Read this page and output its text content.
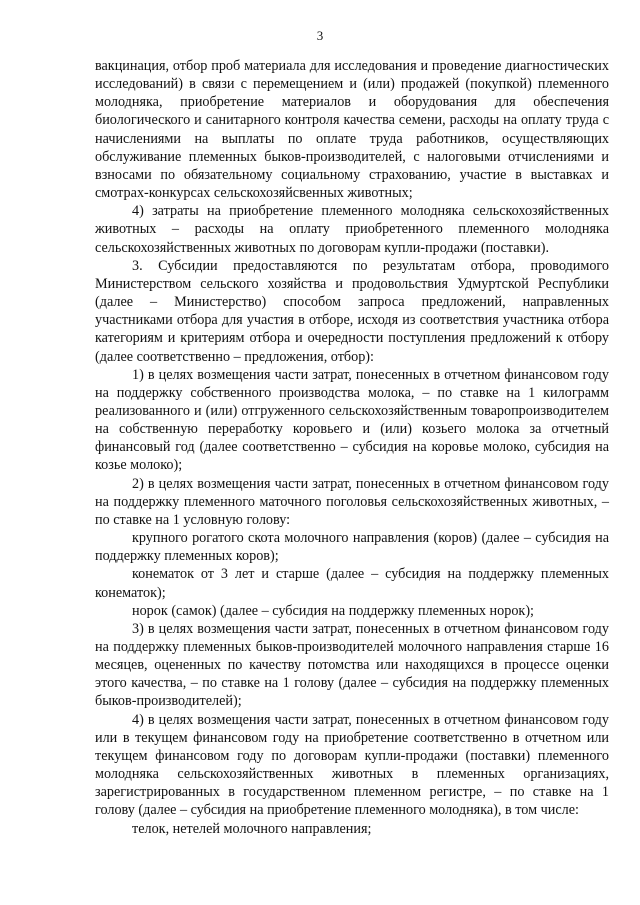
3

вакцинация, отбор проб материала для исследования и проведение диагностических исследований) в связи с перемещением и (или) продажей (покупкой) племенного молодняка, приобретение материалов и оборудования для обеспечения биологического и санитарного контроля качества семени, расходы на оплату труда с начислениями на выплаты по оплате труда работников, осуществляющих обслуживание племенных быков-производителей, с налоговыми отчислениями и взносами по обязательному социальному страхованию, участие в выставках и смотрах-конкурсах сельскохозяйсвенных животных;

4) затраты на приобретение племенного молодняка сельскохозяйственных животных – расходы на оплату приобретенного племенного молодняка сельскохозяйственных животных по договорам купли-продажи (поставки).

3. Субсидии предоставляются по результатам отбора, проводимого Министерством сельского хозяйства и продовольствия Удмуртской Республики (далее – Министерство) способом запроса предложений, направленных участниками отбора для участия в отборе, исходя из соответствия участника отбора категориям и критериям отбора и очередности поступления предложений к отбору (далее соответственно – предложения, отбор):

1) в целях возмещения части затрат, понесенных в отчетном финансовом году на поддержку собственного производства молока, – по ставке на 1 килограмм реализованного и (или) отгруженного сельскохозяйственным товаропроизводителем на собственную переработку коровьего и (или) козьего молока за отчетный финансовый год (далее соответственно – субсидия на коровье молоко, субсидия на козье молоко);

2) в целях возмещения части затрат, понесенных в отчетном финансовом году на поддержку племенного маточного поголовья сельскохозяйственных животных, – по ставке на 1 условную голову:

крупного рогатого скота молочного направления (коров) (далее – субсидия на поддержку племенных коров);

конематок от 3 лет и старше (далее – субсидия на поддержку племенных конематок);

норок (самок) (далее – субсидия на поддержку племенных норок);

3) в целях возмещения части затрат, понесенных в отчетном финансовом году на поддержку племенных быков-производителей молочного направления старше 16 месяцев, оцененных по качеству потомства или находящихся в процессе оценки этого качества, – по ставке на 1 голову (далее – субсидия на поддержку племенных быков-производителей);

4) в целях возмещения части затрат, понесенных в отчетном финансовом году или в текущем финансовом году на приобретение соответственно в отчетном или текущем финансовом году по договорам купли-продажи (поставки) племенного молодняка сельскохозяйственных животных в племенных организациях, зарегистрированных в государственном племенном регистре, – по ставке на 1 голову (далее – субсидия на приобретение племенного молодняка), в том числе:

телок, нетелей молочного направления;
